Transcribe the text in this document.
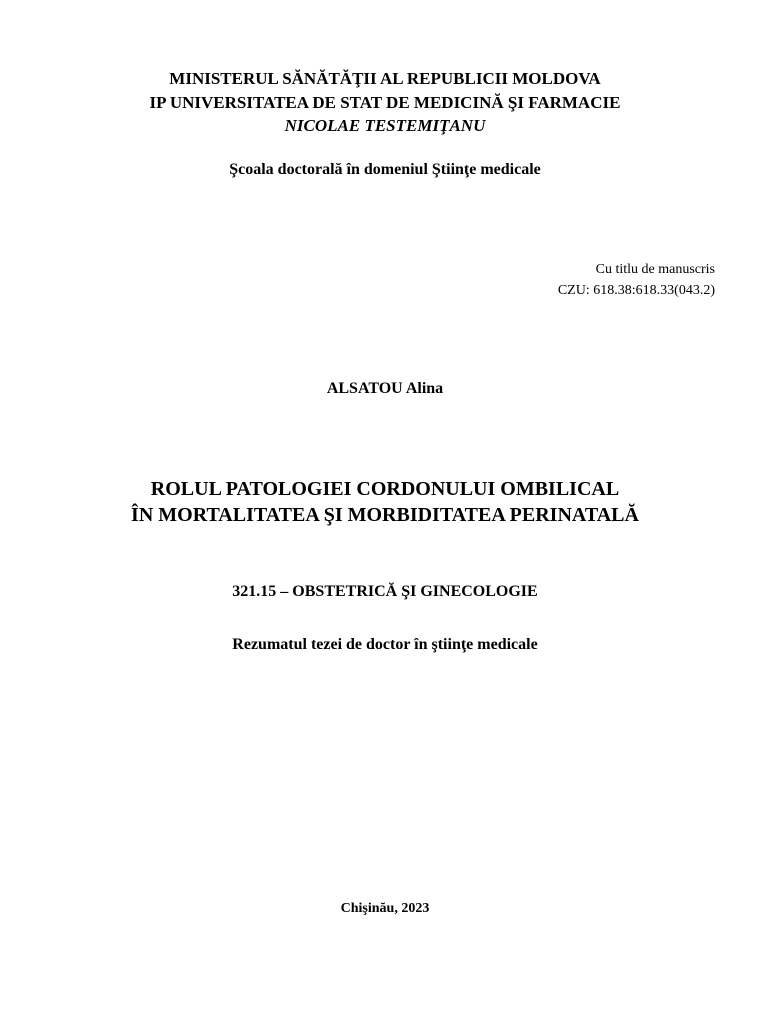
MINISTERUL SĂNĂTĂŢII AL REPUBLICII MOLDOVA
IP UNIVERSITATEA DE STAT DE MEDICINĂ ŞI FARMACIE
NICOLAE TESTEMIŢANU
Şcoala doctorală în domeniul Ştiinţe medicale
Cu titlu de manuscris
CZU: 618.38:618.33(043.2)
ALSATOU Alina
ROLUL PATOLOGIEI CORDONULUI OMBILICAL
ÎN MORTALITATEA ŞI MORBIDITATEA PERINATALĂ
321.15 – OBSTETRICĂ ŞI GINECOLOGIE
Rezumatul tezei de doctor în ştiinţe medicale
Chişinău, 2023
